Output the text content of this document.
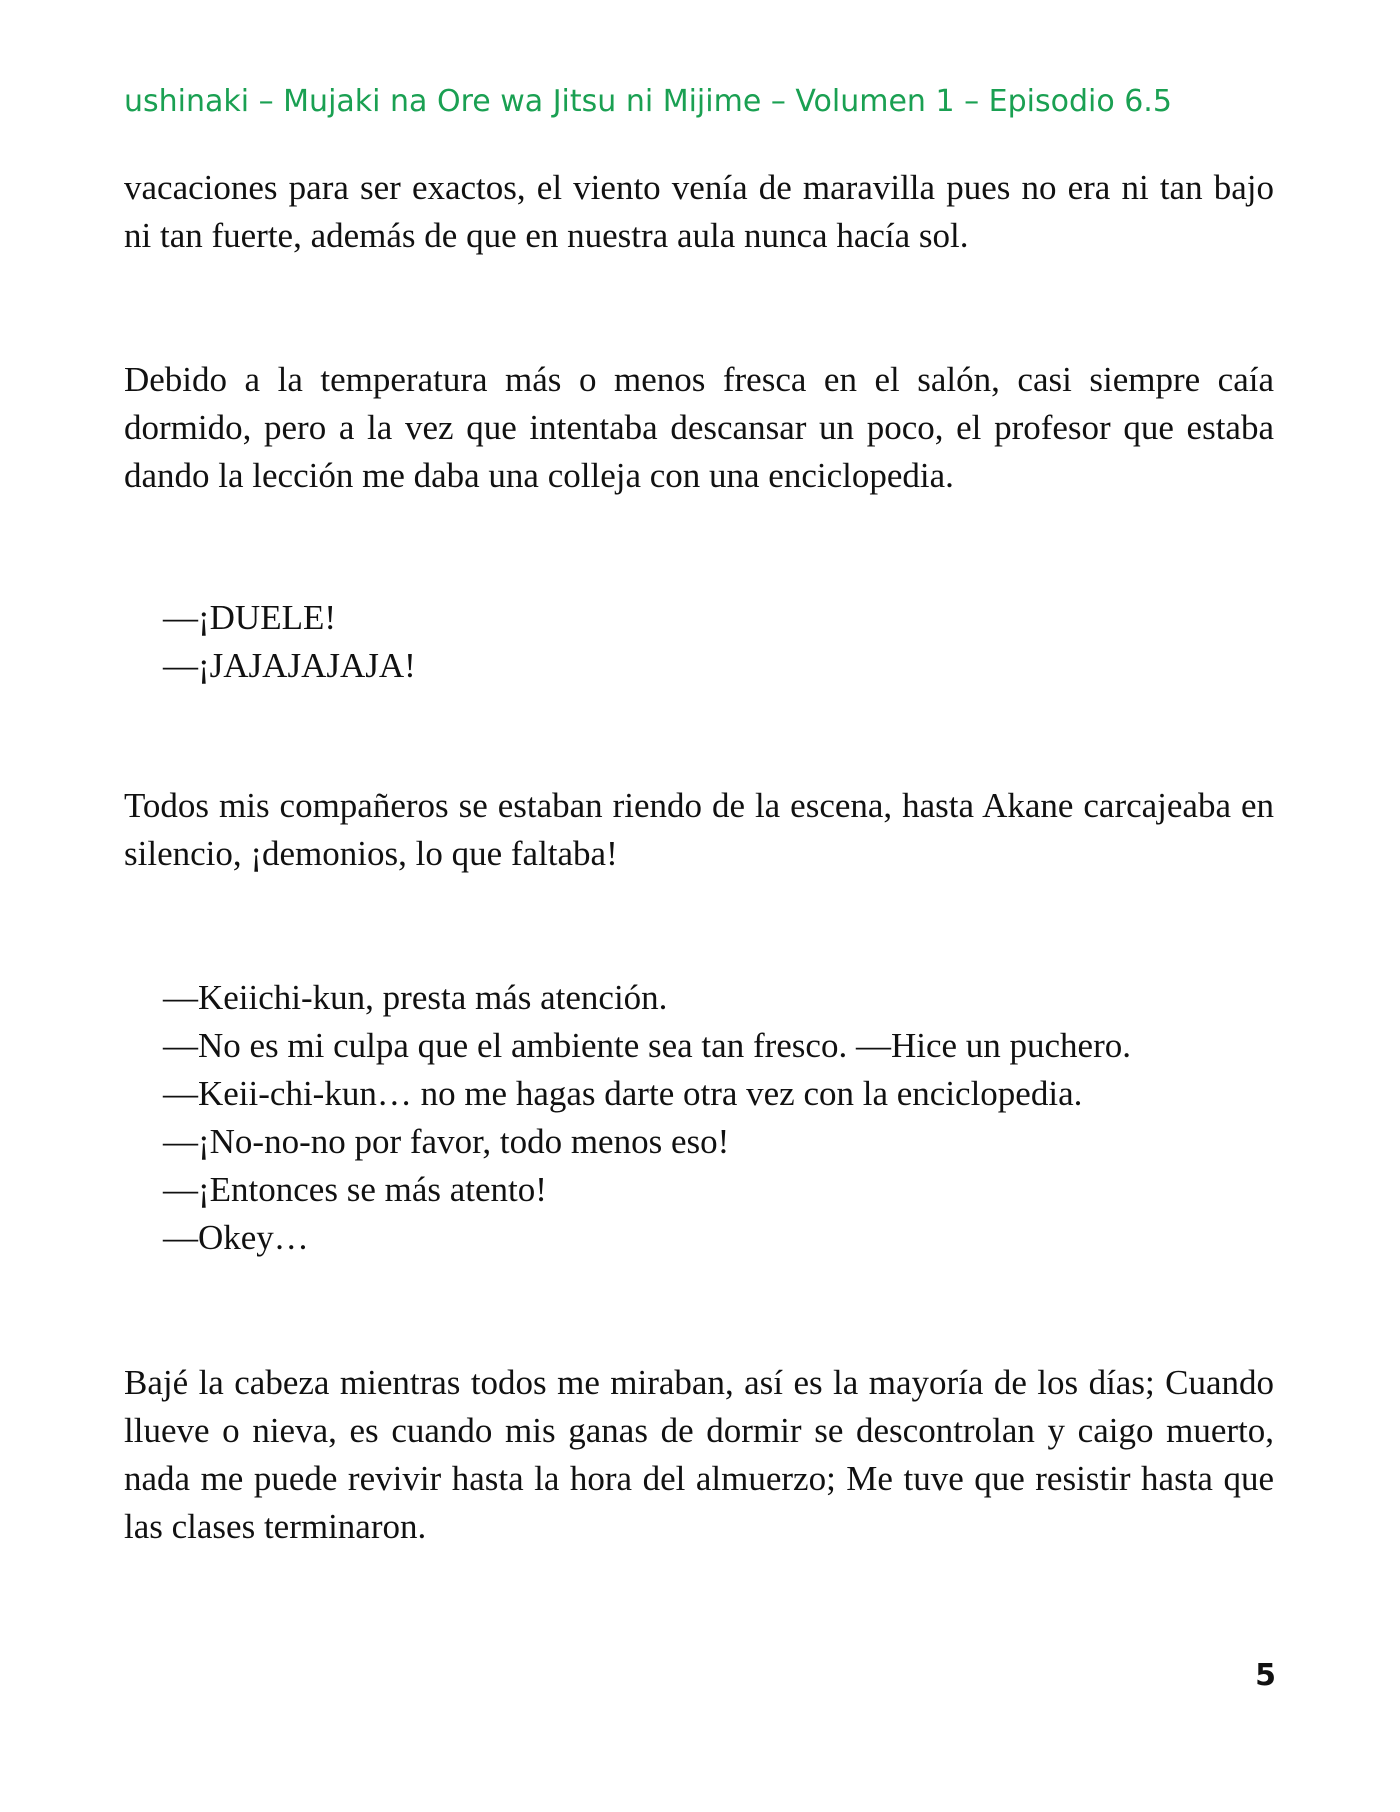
ushinaki – Mujaki na Ore wa Jitsu ni Mijime – Volumen 1 – Episodio 6.5

vacaciones para ser exactos, el viento venía de maravilla pues no era ni tan bajo ni tan fuerte, además de que en nuestra aula nunca hacía sol.

Debido a la temperatura más o menos fresca en el salón, casi siempre caía dormido, pero a la vez que intentaba descansar un poco, el profesor que estaba dando la lección me daba una colleja con una enciclopedia.

—¡DUELE!
—¡JAJAJAJAJA!

Todos mis compañeros se estaban riendo de la escena, hasta Akane carcajeaba en silencio, ¡demonios, lo que faltaba!

—Keiichi-kun, presta más atención.
—No es mi culpa que el ambiente sea tan fresco. —Hice un puchero.
—Keii-chi-kun… no me hagas darte otra vez con la enciclopedia.
—¡No-no-no por favor, todo menos eso!
—¡Entonces se más atento!
—Okey…

Bajé la cabeza mientras todos me miraban, así es la mayoría de los días; Cuando llueve o nieva, es cuando mis ganas de dormir se descontrolan y caigo muerto, nada me puede revivir hasta la hora del almuerzo; Me tuve que resistir hasta que las clases terminaron.

5
